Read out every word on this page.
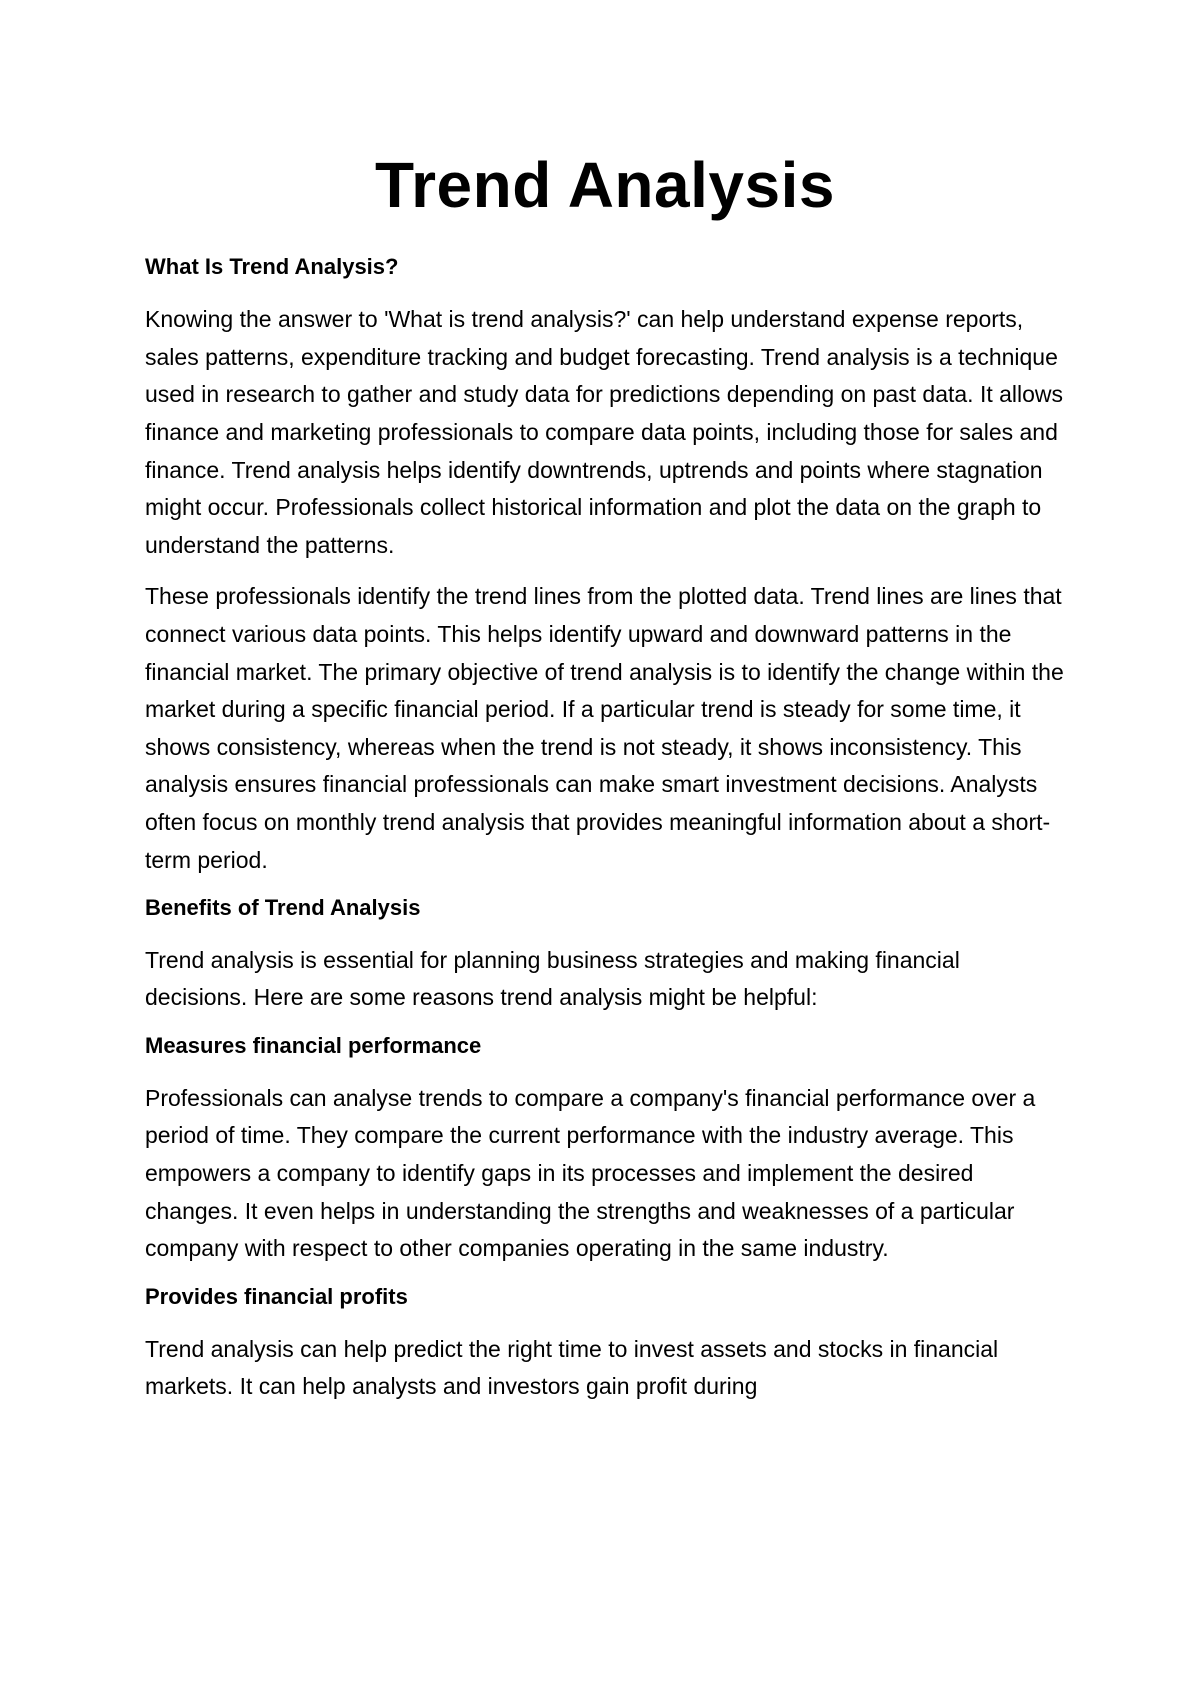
Trend Analysis
What Is Trend Analysis?

Knowing the answer to 'What is trend analysis?' can help understand expense reports, sales patterns, expenditure tracking and budget forecasting. Trend analysis is a technique used in research to gather and study data for predictions depending on past data. It allows finance and marketing professionals to compare data points, including those for sales and finance. Trend analysis helps identify downtrends, uptrends and points where stagnation might occur. Professionals collect historical information and plot the data on the graph to understand the patterns.

These professionals identify the trend lines from the plotted data. Trend lines are lines that connect various data points. This helps identify upward and downward patterns in the financial market. The primary objective of trend analysis is to identify the change within the market during a specific financial period. If a particular trend is steady for some time, it shows consistency, whereas when the trend is not steady, it shows inconsistency. This analysis ensures financial professionals can make smart investment decisions. Analysts often focus on monthly trend analysis that provides meaningful information about a short-term period.

Benefits of Trend Analysis

Trend analysis is essential for planning business strategies and making financial decisions. Here are some reasons trend analysis might be helpful:

Measures financial performance

Professionals can analyse trends to compare a company's financial performance over a period of time. They compare the current performance with the industry average. This empowers a company to identify gaps in its processes and implement the desired changes. It even helps in understanding the strengths and weaknesses of a particular company with respect to other companies operating in the same industry.

Provides financial profits

Trend analysis can help predict the right time to invest assets and stocks in financial markets. It can help analysts and investors gain profit during
